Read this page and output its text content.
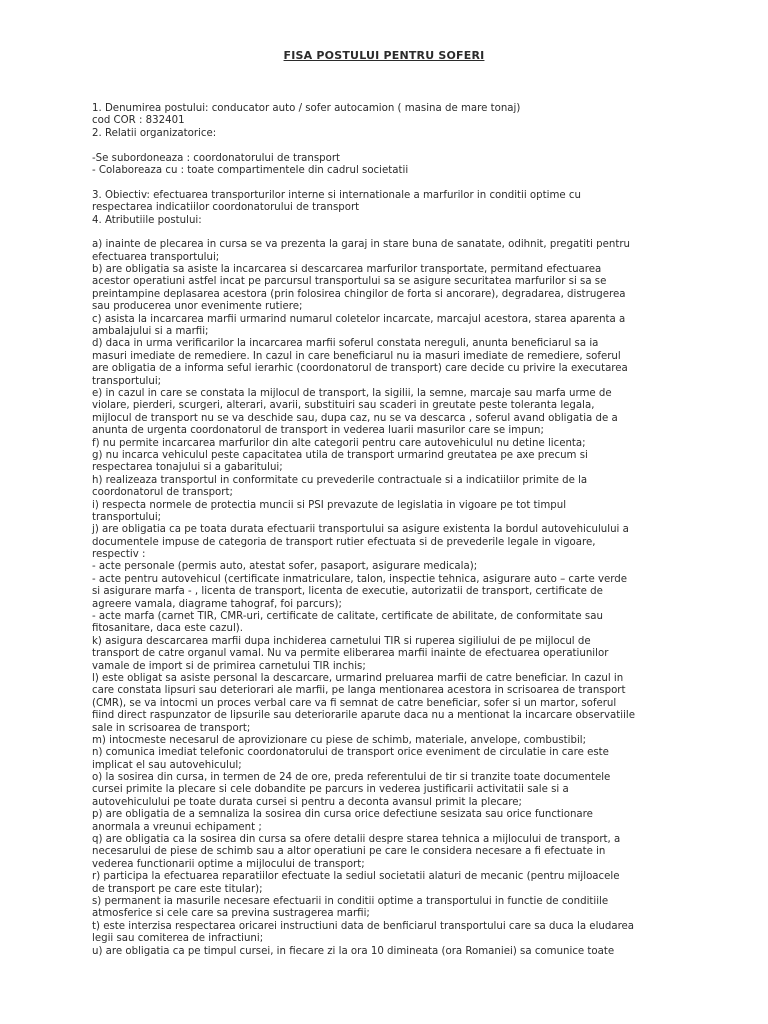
FISA POSTULUI PENTRU SOFERI
1. Denumirea postului: conducator auto / sofer autocamion ( masina de mare tonaj)
cod COR : 832401
2. Relatii organizatorice:
-Se subordoneaza : coordonatorului de transport
- Colaboreaza cu : toate compartimentele din cadrul societatii
3. Obiectiv: efectuarea transporturilor interne si internationale a marfurilor in conditii optime cu
respectarea indicatiilor coordonatorului de transport
4. Atributiile postului:
a) inainte de plecarea in cursa se va prezenta la garaj in stare buna de sanatate, odihnit, pregatiti pentru
efectuarea transportului;
b) are obligatia sa asiste la incarcarea si descarcarea marfurilor transportate, permitand efectuarea
acestor operatiuni astfel incat pe parcursul transportului sa se asigure securitatea marfurilor si sa se
preintampine deplasarea acestora (prin folosirea chingilor de forta si ancorare), degradarea, distrugerea
sau producerea unor evenimente rutiere;
c) asista la incarcarea marfii urmarind numarul coletelor incarcate, marcajul acestora, starea aparenta a
ambalajului si a marfii;
d) daca in urma verificarilor la incarcarea marfii soferul constata nereguli, anunta beneficiarul sa ia
masuri imediate de remediere. In cazul in care beneficiarul nu ia masuri imediate de remediere, soferul
are obligatia de a informa seful ierarhic (coordonatorul de transport) care decide cu privire la executarea
transportului;
e) in cazul in care se constata la mijlocul de transport, la sigilii, la semne, marcaje sau marfa urme de
violare, pierderi, scurgeri, alterari, avarii, substituiri sau scaderi in greutate peste toleranta legala,
mijlocul de transport nu se va deschide sau, dupa caz, nu se va descarca , soferul avand obligatia de a
anunta de urgenta coordonatorul de transport in vederea luarii masurilor care se impun;
f) nu permite incarcarea marfurilor din alte categorii pentru care autovehiculul nu detine licenta;
g) nu incarca vehiculul peste capacitatea utila de transport urmarind greutatea pe axe precum si
respectarea tonajului si a gabaritului;
h) realizeaza transportul in conformitate cu prevederile contractuale si a indicatiilor primite de la
coordonatorul de transport;
i) respecta normele de protectia muncii si PSI prevazute de legislatia in vigoare pe tot timpul
transportului;
j) are obligatia ca pe toata durata efectuarii transportului sa asigure existenta la bordul autovehiculului a
documentele impuse de categoria de transport rutier efectuata si de prevederile legale in vigoare,
respectiv :
- acte personale (permis auto, atestat sofer, pasaport, asigurare medicala);
- acte pentru autovehicul (certificate inmatriculare, talon, inspectie tehnica, asigurare auto – carte verde
si asigurare marfa - , licenta de transport, licenta de executie, autorizatii de transport, certificate de
agreere vamala, diagrame tahograf, foi parcurs);
- acte marfa (carnet TIR, CMR-uri, certificate de calitate, certificate de abilitate, de conformitate sau
fitosanitare, daca este cazul).
k) asigura descarcarea marfii dupa inchiderea carnetului TIR si ruperea sigiliului de pe mijlocul de
transport de catre organul vamal. Nu va permite eliberarea marfii inainte de efectuarea operatiunilor
vamale de import si de primirea carnetului TIR inchis;
l) este obligat sa asiste personal la descarcare, urmarind preluarea marfii de catre beneficiar. In cazul in
care constata lipsuri sau deteriorari ale marfii, pe langa mentionarea acestora in scrisoarea de transport
(CMR), se va intocmi un proces verbal care va fi semnat de catre beneficiar, sofer si un martor, soferul
fiind direct raspunzator de lipsurile sau deteriorarile aparute daca nu a mentionat la incarcare observatiile
sale in scrisoarea de transport;
m) intocmeste necesarul de aprovizionare cu piese de schimb, materiale, anvelope, combustibil;
n) comunica imediat telefonic coordonatorului de transport orice eveniment de circulatie in care este
implicat el sau autovehiculul;
o) la sosirea din cursa, in termen de 24 de ore, preda referentului de tir si tranzite toate documentele
cursei primite la plecare si cele dobandite pe parcurs in vederea justificarii activitatii sale si a
autovehiculului pe toate durata cursei si pentru a deconta avansul primit la plecare;
p) are obligatia de a semnaliza la sosirea din cursa orice defectiune sesizata sau orice functionare
anormala a vreunui echipament ;
q) are obligatia ca la sosirea din cursa sa ofere detalii despre starea tehnica a mijlocului de transport, a
necesarului de piese de schimb sau a altor operatiuni pe care le considera necesare a fi efectuate in
vederea functionarii optime a mijlocului de transport;
r) participa la efectuarea reparatiilor efectuate la sediul societatii alaturi de mecanic (pentru mijloacele
de transport pe care este titular);
s) permanent ia masurile necesare efectuarii in conditii optime a transportului in functie de conditiile
atmosferice si cele care sa previna sustragerea marfii;
t) este interzisa respectarea oricarei instructiuni data de benficiarul transportului care sa duca la eludarea
legii sau comiterea de infractiuni;
u) are obligatia ca pe timpul cursei, in fiecare zi la ora 10 dimineata (ora Romaniei) sa comunice toate
